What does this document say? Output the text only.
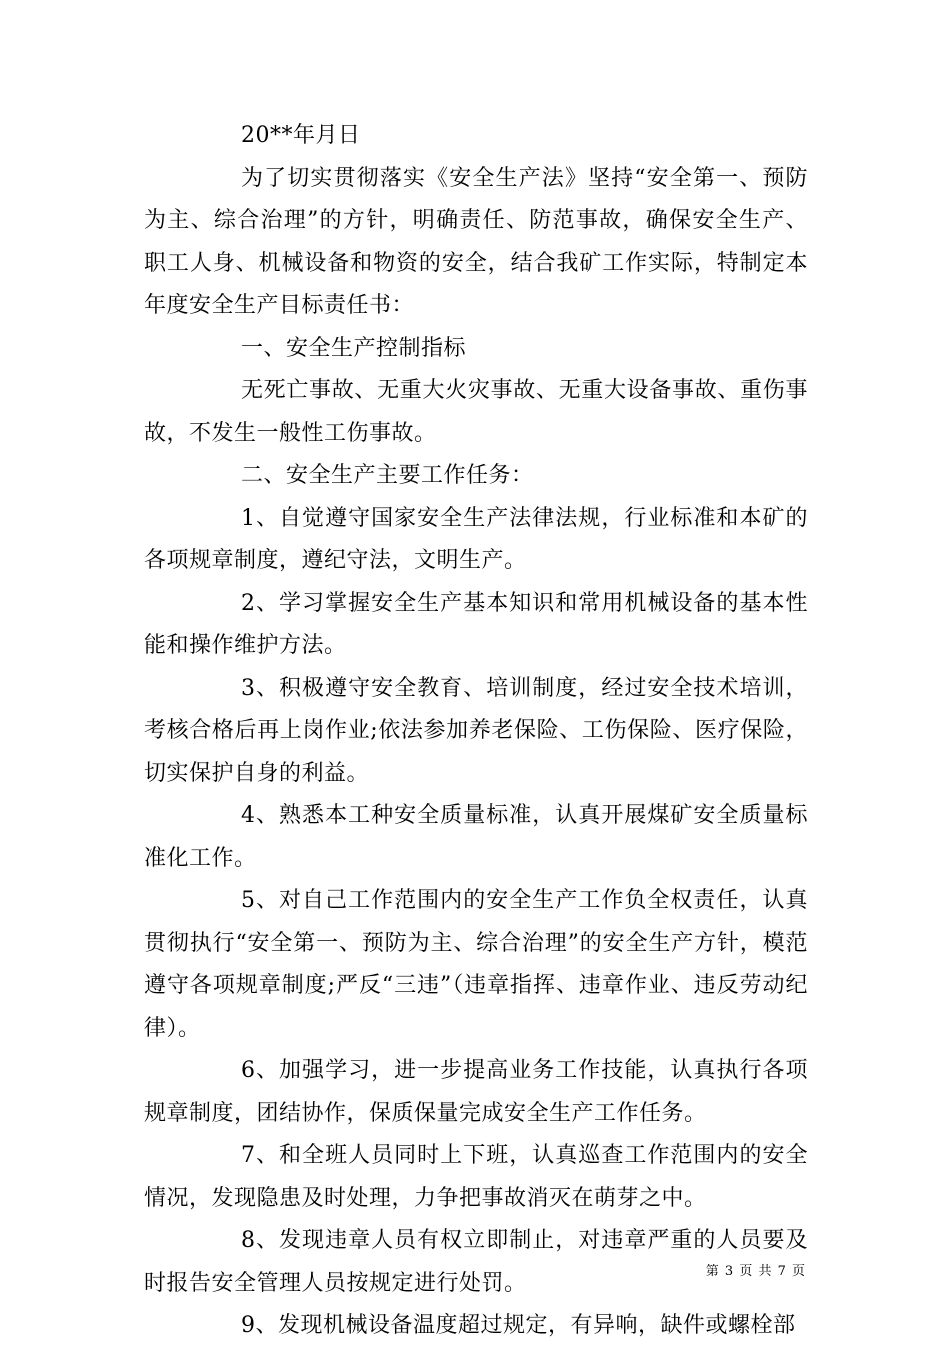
20**年月日

为了切实贯彻落实《安全生产法》坚持“安全第一、预防为主、综合治理”的方针，明确责任、防范事故，确保安全生产、职工人身、机械设备和物资的安全，结合我矿工作实际，特制定本年度安全生产目标责任书：

一、安全生产控制指标

无死亡事故、无重大火灾事故、无重大设备事故、重伤事故，不发生一般性工伤事故。

二、安全生产主要工作任务：

1、自觉遵守国家安全生产法律法规，行业标准和本矿的各项规章制度，遵纪守法，文明生产。

2、学习掌握安全生产基本知识和常用机械设备的基本性能和操作维护方法。

3、积极遵守安全教育、培训制度，经过安全技术培训，考核合格后再上岗作业;依法参加养老保险、工伤保险、医疗保险，切实保护自身的利益。

4、熟悉本工种安全质量标准，认真开展煤矿安全质量标准化工作。

5、对自己工作范围内的安全生产工作负全权责任，认真贯彻执行“安全第一、预防为主、综合治理”的安全生产方针，模范遵守各项规章制度;严反“三违”（违章指挥、违章作业、违反劳动纪律）。

6、加强学习，进一步提高业务工作技能，认真执行各项规章制度，团结协作，保质保量完成安全生产工作任务。

7、和全班人员同时上下班，认真巡查工作范围内的安全情况，发现隐患及时处理，力争把事故消灭在萌芽之中。

8、发现违章人员有权立即制止，对违章严重的人员要及时报告安全管理人员按规定进行处罚。

9、发现机械设备温度超过规定，有异响，缺件或螺栓部

第 3 页 共 7 页
